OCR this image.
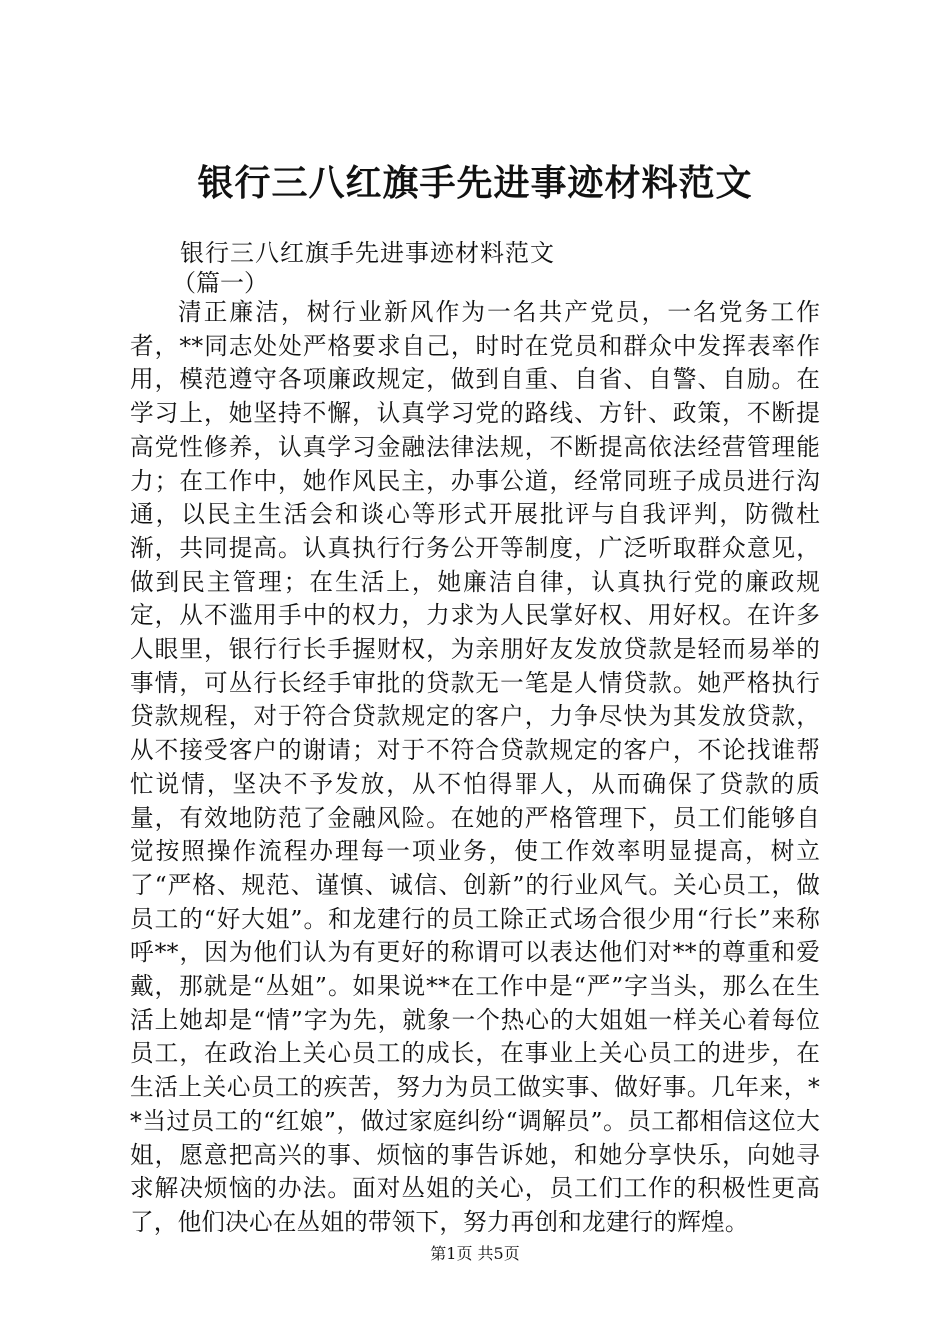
银行三八红旗手先进事迹材料范文

银行三八红旗手先进事迹材料范文

（篇一）

清正廉洁，树行业新风作为一名共产党员，一名党务工作者，**同志处处严格要求自己，时时在党员和群众中发挥表率作用，模范遵守各项廉政规定，做到自重、自省、自警、自励。在学习上，她坚持不懈，认真学习党的路线、方针、政策，不断提高党性修养，认真学习金融法律法规，不断提高依法经营管理能力；在工作中，她作风民主，办事公道，经常同班子成员进行沟通，以民主生活会和谈心等形式开展批评与自我评判，防微杜渐，共同提高。认真执行行务公开等制度，广泛听取群众意见，做到民主管理；在生活上，她廉洁自律，认真执行党的廉政规定，从不滥用手中的权力，力求为人民掌好权、用好权。在许多人眼里，银行行长手握财权，为亲朋好友发放贷款是轻而易举的事情，可丛行长经手审批的贷款无一笔是人情贷款。她严格执行贷款规程，对于符合贷款规定的客户，力争尽快为其发放贷款，从不接受客户的谢请；对于不符合贷款规定的客户，不论找谁帮忙说情，坚决不予发放，从不怕得罪人，从而确保了贷款的质量，有效地防范了金融风险。在她的严格管理下，员工们能够自觉按照操作流程办理每一项业务，使工作效率明显提高，树立了“严格、规范、谨慎、诚信、创新”的行业风气。关心员工，做员工的“好大姐”。和龙建行的员工除正式场合很少用“行长”来称呼**，因为他们认为有更好的称谓可以表达他们对**的尊重和爱戴，那就是“丛姐”。如果说**在工作中是“严”字当头，那么在生活上她却是“情”字为先，就象一个热心的大姐姐一样关心着每位员工，在政治上关心员工的成长，在事业上关心员工的进步，在生活上关心员工的疾苦，努力为员工做实事、做好事。几年来，**当过员工的“红娘”，做过家庭纠纷“调解员”。员工都相信这位大姐，愿意把高兴的事、烦恼的事告诉她，和她分享快乐，向她寻求解决烦恼的办法。面对丛姐的关心，员工们工作的积极性更高了，他们决心在丛姐的带领下，努力再创和龙建行的辉煌。

第1页 共5页
